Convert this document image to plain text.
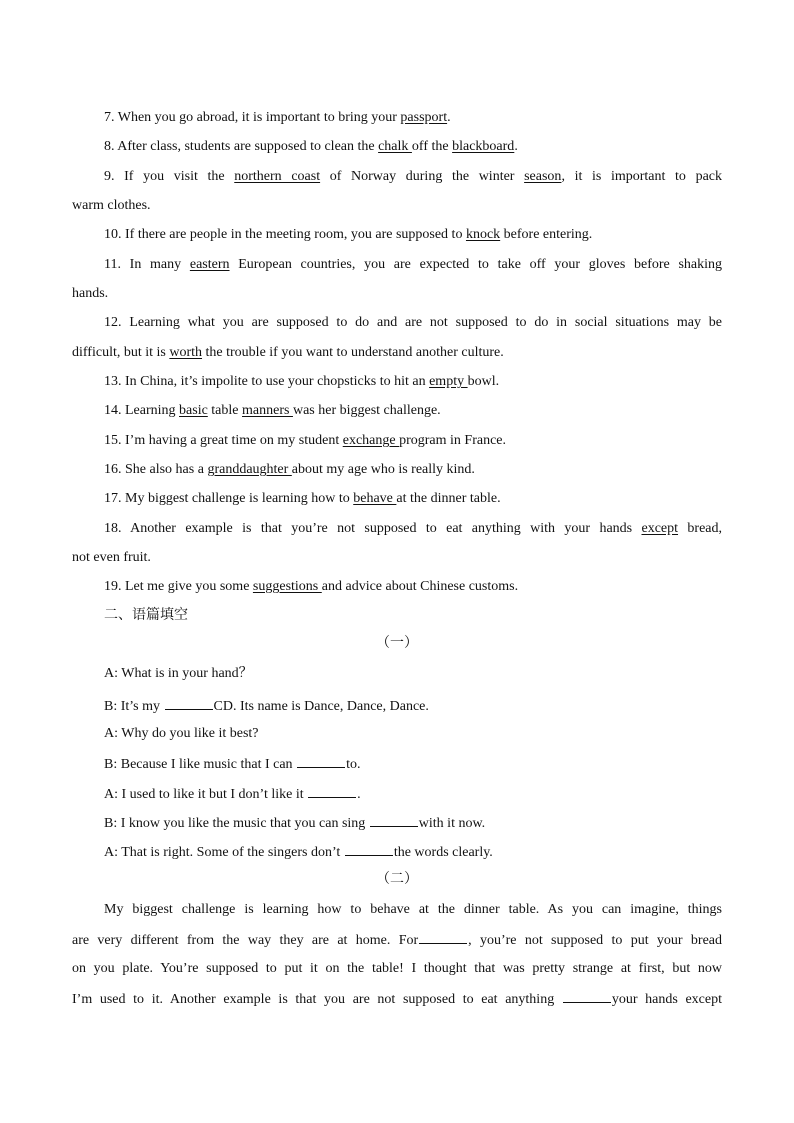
7. When you go abroad, it is important to bring your passport.
8. After class, students are supposed to clean the chalk off the blackboard.
9. If you visit the northern coast of Norway during the winter season, it is important to pack
warm clothes.
10. If there are people in the meeting room, you are supposed to knock before entering.
11. In many eastern European countries, you are expected to take off your gloves before shaking
hands.
12. Learning what you are supposed to do and are not supposed to do in social situations may be
difficult, but it is worth the trouble if you want to understand another culture.
13. In China, it’s impolite to use your chopsticks to hit an empty bowl.
14. Learning basic table manners was her biggest challenge.
15. I’m having a great time on my student exchange program in France.
16. She also has a granddaughter about my age who is really kind.
17. My biggest challenge is learning how to behave at the dinner table.
18. Another example is that you’re not supposed to eat anything with your hands except bread,
not even fruit.
19. Let me give you some suggestions and advice about Chinese customs.
二、语篇填空
（一）
A: What is in your hand？
B: It’s my	CD. Its name is Dance, Dance, Dance.
A: Why do you like it best?
B: Because I like music that I can	to.
A: I used to like it but I don’t like it	.
B: I know you like the music that you can sing	with it now.
A: That is right. Some of the singers don’t	the words clearly.
（二）
My biggest challenge is learning how to behave at the dinner table. As you can imagine, things
are very different from the way they are at home. For	, you’re not supposed to put your bread
on you plate. You’re supposed to put it on the table! I thought that was pretty strange at first, but now
I’m used to it. Another example is that you are not supposed to eat anything	your hands except
